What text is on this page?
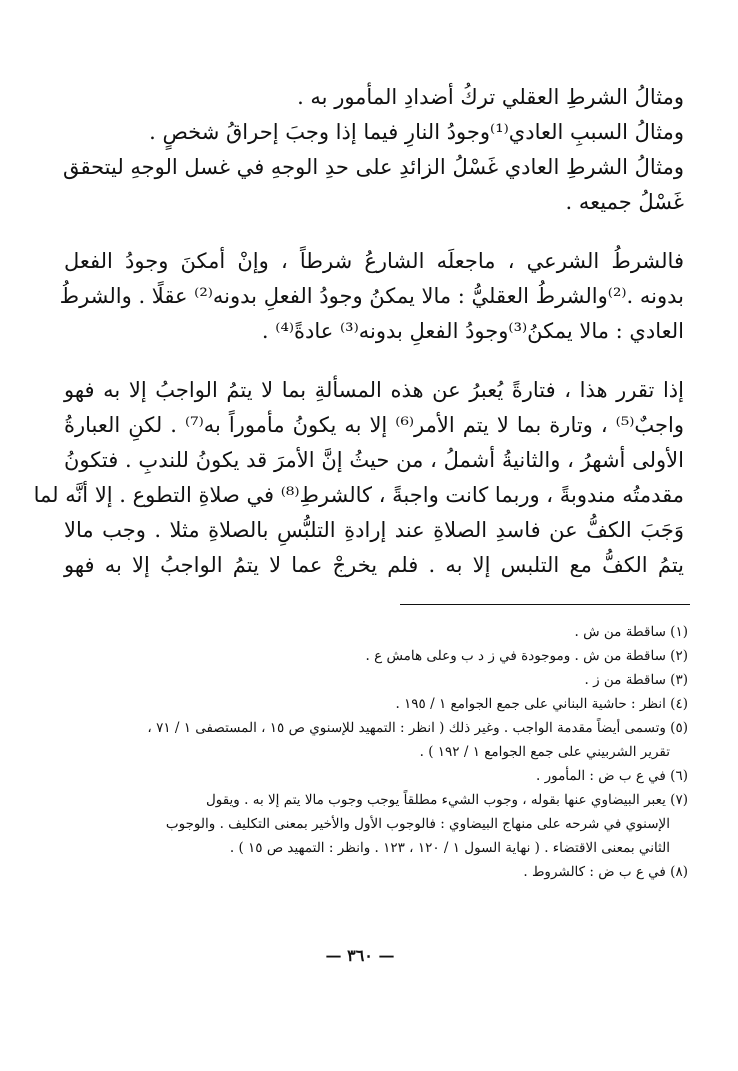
ومثالُ الشرطِ العقلي تركُ أضدادِ المأمور به .
ومثالُ السببِ العادي⁽¹⁾وجودُ النارِ فيما إذا وجبَ إحراقُ شخصٍ .
ومثالُ الشرطِ العادي غَسْلُ الزائدِ على حدِ الوجهِ في غسل الوجهِ ليتحقق
غَسْلُ جميعه .
فالشرطُ الشرعي ، ماجعلَه الشارعُ شرطاً ، وإنْ أمكنَ وجودُ الفعل
بدونه .⁽²⁾والشرطُ العقليُّ : مالا يمكنُ وجودُ الفعلِ بدونه⁽²⁾ عقلًا . والشرطُ
العادي : مالا يمكنُ⁽³⁾وجودُ الفعلِ بدونه⁽³⁾ عادةً⁽⁴⁾ .
إذا تقرر هذا ، فتارةً يُعبرُ عن هذه المسألةِ بما لا يتمُ الواجبُ إلا به فهو
واجبٌ⁽⁵⁾ ، وتارة بما لا يتم الأمر⁽⁶⁾ إلا به يكونُ مأموراً به⁽⁷⁾ . لكنِ العبارةُ
الأولى أشهرُ ، والثانيةُ أشملُ ، من حيثُ إنَّ الأمرَ قد يكونُ للندبِ . فتكونُ
مقدمتُه مندوبةً ، وربما كانت واجبةً ، كالشرطِ⁽⁸⁾ في صلاةِ التطوع . إلا أنَّه لما
وَجَبَ الكفُّ عن فاسدِ الصلاةِ عند إرادةِ التلبُّسِ بالصلاةِ مثلا . وجب مالا
يتمُ الكفُّ مع التلبس إلا به . فلم يخرجْ عما لا يتمُ الواجبُ إلا به فهو
(١) ساقطة من ش .
(٢) ساقطة من ش . وموجودة في ز د ب وعلى هامش ع .
(٣) ساقطة من ز .
(٤) انظر : حاشية البناني على جمع الجوامع ١ / ١٩٥ .
(٥) وتسمى أيضاً مقدمة الواجب . وغير ذلك ( انظر : التمهيد للإسنوي ص ١٥ ، المستصفى ١ / ٧١ ،
تقرير الشربيني على جمع الجوامع ١ / ١٩٢ ) .
(٦) في ع ب ض : المأمور .
(٧) يعبر البيضاوي عنها بقوله ، وجوب الشيء مطلقاً يوجب وجوب مالا يتم إلا به . ويقول
الإسنوي في شرحه على منهاج البيضاوي : فالوجوب الأول والأخير بمعنى التكليف . والوجوب
الثاني بمعنى الاقتضاء . ( نهاية السول ١ / ١٢٠ ، ١٢٣ . وانظر : التمهيد ص ١٥ ) .
(٨) في ع ب ض : كالشروط .
— ٣٦٠ —
